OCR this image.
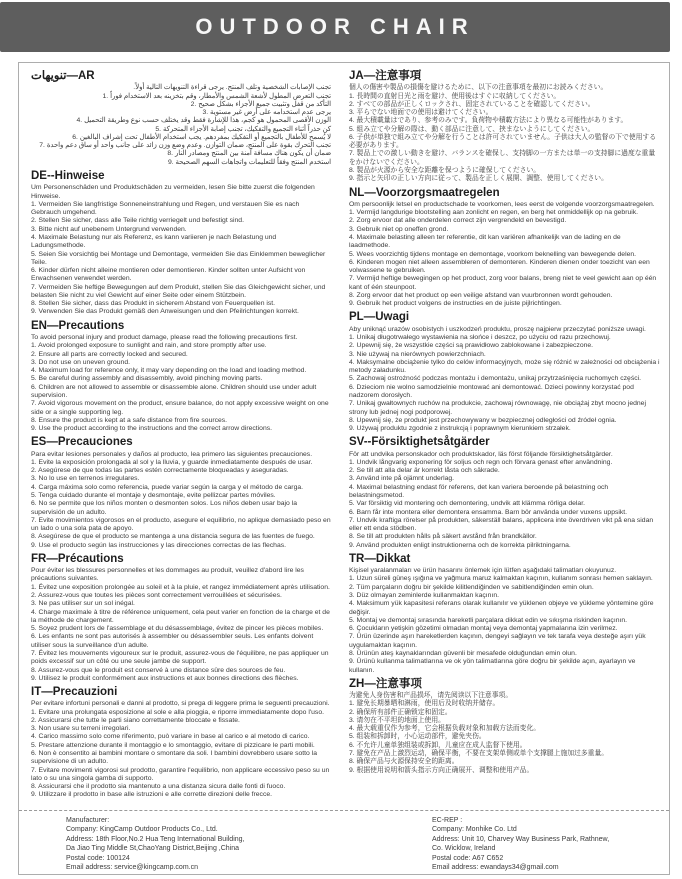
OUTDOOR CHAIR
تنويهات—AR
.تجنب الإصابات الشخصية وتلف المنتج. يرجى قراءة التنويهات التالية أولاً
1. تجنب التعرض المطول لأشعة الشمس والأمطار، وقم بتخزينه بعد الاستخدام فوراً
2. التأكد من قفل وتثبيت جميع الأجزاء بشكل صحيح
3. يرجى عدم استخدامه على أرض غير مستوية
4. الوزن الأقصى المحمول هو كجم، هذا للإشارة فقط وقد يختلف حسب نوع وطريقة التحميل
5. كن حذراً أثناء التجميع والتفكيك، تجنب إصابة الأجزاء المتحركة
6. لا يُسمح للأطفال بالتجميع أو التفكيك بمفردهم. يجب استخدام الأطفال تحت إشراف البالغين
7. تجنب التحرك بقوة على المنتج، ضمان التوازن. وعدم وضع وزن زائد على جانب واحد أو ساق دعم واحدة
8. ضمان أن يكون هناك مسافة آمنة بين المنتج ومصادر النار
9. استخدم المنتج وفقاً للتعليمات واتجاهات السهم الصحيحة
DE--Hinweise
Um Personenschäden und Produktschäden zu vermeiden, lesen Sie bitte zuerst die folgenden Hinweise.
1. Vermeiden Sie langfristige Sonneneinstrahlung und Regen, und verstauen Sie es nach Gebrauch umgehend.
2. Stellen Sie sicher, dass alle Teile richtig verriegelt und befestigt sind.
3. Bitte nicht auf unebenem Untergrund verwenden.
4. Maximale Belastung nur als Referenz, es kann variieren je nach Belastung und Ladungsmethode.
5. Seien Sie vorsichtig bei Montage und Demontage, vermeiden Sie das Einklemmen beweglicher Teile.
6. Kinder dürfen nicht alleine montieren oder demontieren. Kinder sollten unter Aufsicht von Erwachsenen verwendet werden.
7. Vermeiden Sie heftige Bewegungen auf dem Produkt, stellen Sie das Gleichgewicht sicher, und belasten Sie nicht zu viel Gewicht auf einer Seite oder einem Stützbein.
8. Stellen Sie sicher, dass das Produkt in sicherem Abstand von Feuerquellen ist.
9. Verwenden Sie das Produkt gemäß den Anweisungen und den Pfeilrichtungen korrekt.
EN—Precautions
To avoid personal injury and product damage, please read the following precautions first.
1. Avoid prolonged exposure to sunlight and rain, and store promptly after use.
2. Ensure all parts are correctly locked and secured.
3. Do not use on uneven ground.
4. Maximum load for reference only, it may vary depending on the load and loading method.
5. Be careful during assembly and disassembly, avoid pinching moving parts.
6. Children are not allowed to assemble or disassemble alone. Children should use under adult supervision.
7. Avoid vigorous movement on the product, ensure balance, do not apply excessive weight on one side or a single supporting leg.
8. Ensure the product is kept at a safe distance from fire sources.
9. Use the product according to the instructions and the correct arrow directions.
ES—Precauciones
Para evitar lesiones personales y daños al producto, lea primero las siguientes precauciones.
1. Evite la exposición prolongada al sol y la lluvia, y guarde inmediatamente después de usar.
2. Asegúrese de que todas las partes estén correctamente bloqueadas y aseguradas.
3. No lo use en terrenos irregulares.
4. Carga máxima solo como referencia, puede variar según la carga y el método de carga.
5. Tenga cuidado durante el montaje y desmontaje, evite pellizcar partes móviles.
6. No se permite que los niños monten o desmonten solos. Los niños deben usar bajo la supervisión de un adulto.
7. Evite movimientos vigorosos en el producto, asegure el equilibrio, no aplique demasiado peso en un lado o una sola pata de apoyo.
8. Asegúrese de que el producto se mantenga a una distancia segura de las fuentes de fuego.
9. Use el producto según las instrucciones y las direcciones correctas de las flechas.
FR—Précautions
Pour éviter les blessures personnelles et les dommages au produit, veuillez d'abord lire les précautions suivantes.
1. Évitez une exposition prolongée au soleil et à la pluie, et rangez immédiatement après utilisation.
2. Assurez-vous que toutes les pièces sont correctement verrouillées et sécurisées.
3. Ne pas utiliser sur un sol inégal.
4. Charge maximale à titre de référence uniquement, cela peut varier en fonction de la charge et de la méthode de chargement.
5. Soyez prudent lors de l'assemblage et du désassemblage, évitez de pincer les pièces mobiles.
6. Les enfants ne sont pas autorisés à assembler ou désassembler seuls. Les enfants doivent utiliser sous la surveillance d'un adulte.
7. Évitez les mouvements vigoureux sur le produit, assurez-vous de l'équilibre, ne pas appliquer un poids excessif sur un côté ou une seule jambe de support.
8. Assurez-vous que le produit est conservé à une distance sûre des sources de feu.
9. Utilisez le produit conformément aux instructions et aux bonnes directions des flèches.
IT—Precauzioni
Per evitare infortuni personali e danni al prodotto, si prega di leggere prima le seguenti precauzioni.
1. Evitare una prolungata esposizione al sole e alla pioggia, e riporre immediatamente dopo l'uso.
2. Assicurarsi che tutte le parti siano correttamente bloccate e fissate.
3. Non usare su terreni irregolari.
4. Carico massimo solo come riferimento, può variare in base al carico e al metodo di carico.
5. Prestare attenzione durante il montaggio e lo smontaggio, evitare di pizzicare le parti mobili.
6. Non è consentito ai bambini montare o smontare da soli. I bambini dovrebbero usare sotto la supervisione di un adulto.
7. Evitare movimenti vigorosi sul prodotto, garantire l'equilibrio, non applicare eccessivo peso su un lato o su una singola gamba di supporto.
8. Assicurarsi che il prodotto sia mantenuto a una distanza sicura dalle fonti di fuoco.
9. Utilizzare il prodotto in base alle istruzioni e alle corrette direzioni delle frecce.
JA—注意事項
個人の傷害や製品の損傷を避けるために、以下の注意事項を最初にお読みください。
1. 長時間の直射日光と雨を避け、使用後はすぐに収納してください。
2. すべての部品が正しくロックされ、固定されていることを確認してください。
3. 平らでない地面での使用は避けてください。
4. 最大積載量はであり、参考のみです。負荷物や積載方法により異なる可能性があります。
5. 組み立てや分解の際は、動く部品に注意して、挟まないようにしてください。
6. 子供が単独で組み立てや分解を行うことは許可されていません。子供は大人の監督の下で使用する必要があります。
7. 製品上での激しい動きを避け、バランスを確保し、支持脚の一方または単一の支持脚に過度な重量をかけないでください。
8. 製品が火源から安全な距離を保つように確保してください。
9. 指示と矢印の正しい方向に従って、製品を正しく展開、調整、使用してください。
NL—Voorzorgsmaatregelen
Om persoonlijk letsel en productschade te voorkomen, lees eerst de volgende voorzorgsmaatregelen.
1. Vermijd langdurige blootstelling aan zonlicht en regen, en berg het onmiddellijk op na gebruik.
2. Zorg ervoor dat alle onderdelen correct zijn vergrendeld en bevestigd.
3. Gebruik niet op oneffen grond.
4. Maximale belasting alleen ter referentie, dit kan variëren afhankelijk van de lading en de laadmethode.
5. Wees voorzichtig tijdens montage en demontage, voorkom beknelling van bewegende delen.
6. Kinderen mogen niet alleen assembleren of demonteren. Kinderen dienen onder toezicht van een volwassene te gebruiken.
7. Vermijd heftige bewegingen op het product, zorg voor balans, breng niet te veel gewicht aan op één kant of één steunpoot.
8. Zorg ervoor dat het product op een veilige afstand van vuurbronnen wordt gehouden.
9. Gebruik het product volgens de instructies en de juiste pijlrichtingen.
PL—Uwagi
Aby uniknąć urazów osobistych i uszkodzeń produktu, proszę najpierw przeczytać poniższe uwagi.
1. Unikaj długotrwałego wystawienia na słońce i deszcz, po użyciu od razu przechowuj.
2. Upewnij się, że wszystkie części są prawidłowo zablokowane i zabezpieczone.
3. Nie używaj na nierównych powierzchniach.
4. Maksymalne obciążenie tylko do celów informacyjnych, może się różnić w zależności od obciążenia i metody załadunku.
5. Zachowaj ostrożność podczas montażu i demontażu, unikaj przytrzaśnięcia ruchomych części.
6. Dzieciom nie wolno samodzielnie montować ani demontować. Dzieci powinny korzystać pod nadzorem dorosłych.
7. Unikaj gwałtownych ruchów na produkcie, zachowaj równowagę, nie obciążaj zbyt mocno jednej strony lub jednej nogi podporowej.
8. Upewnij się, że produkt jest przechowywany w bezpiecznej odległości od źródeł ognia.
9. Używaj produktu zgodnie z instrukcją i poprawnym kierunkiem strzałek.
SV--Försiktighetsåtgärder
För att undvika personskador och produktskador, läs först följande försiktighetsåtgärder.
1. Undvik långvarig exponering för soljus och regn och förvara genast efter användning.
2. Se till att alla delar är korrekt låsta och säkrade.
3. Använd inte på ojämnt underlag.
4. Maximal belastning endast för referens, det kan variera beroende på belastning och belastningsmetod.
5. Var försiktig vid montering och demontering, undvik att klämma rörliga delar.
6. Barn får inte montera eller demontera ensamma. Barn bör använda under vuxens uppsikt.
7. Undvik kraftiga rörelser på produkten, säkerställ balans, applicera inte överdriven vikt på ena sidan eller ett enda stödben.
8. Se till att produkten hålls på säkert avstånd från brandkällor.
9. Använd produkten enligt instruktionerna och de korrekta pilriktningarna.
TR—Dikkat
Kişisel yaralanmaları ve ürün hasarını önlemek için lütfen aşağıdaki talimatları okuyunuz.
1. Uzun süreli güneş ışığına ve yağmura maruz kalmaktan kaçının, kullanım sonrası hemen saklayın.
2. Tüm parçaların doğru bir şekilde kilitlendiğinden ve sabitlendiğinden emin olun.
3. Düz olmayan zeminlerde kullanmaktan kaçının.
4. Maksimum yük kapasitesi referans olarak kullanılır ve yüklenen objeye ve yükleme yöntemine göre değişir.
5. Montaj ve demontaj sırasında hareketli parçalara dikkat edin ve sıkışma riskinden kaçının.
6. Çocukların yetişkin gözetimi olmadan montaj veya demontaj yapmalarına izin verilmez.
7. Ürün üzerinde aşırı hareketlerden kaçının, dengeyi sağlayın ve tek tarafa veya desteğe aşırı yük uygulamaktan kaçının.
8. Ürünün ateş kaynaklarından güvenli bir mesafede olduğundan emin olun.
9. Ürünü kullanma talimatlarına ve ok yön talimatlarına göre doğru bir şekilde açın, ayarlayın ve kullanın.
ZH—注意事项
为避免人身伤害和产品损坏，请先阅读以下注意事项。
1. 避免长期暴晒和淋雨，使用后及时收纳并储存。
2. 确保所有部件正确锁定和固定。
3. 请勿在不平坦的地面上使用。
4. 最大载重仅作为参考，它会根据负载对象和加载方法而变化。
5. 组装和拆卸时，小心运动部件，避免夹伤。
6. 不允许儿童单独组装或拆卸，儿童应在成人监督下使用。
7. 避免在产品上激烈运动，确保平衡，不要在支架单侧或单个支撑腿上施加过多重量。
8. 确保产品与火源保持安全的距离。
9. 根据使用说明和箭头指示方向正确展开、调整和使用产品。
Manufacturer:
Company: KingCamp Outdoor Products Co., Ltd.
Address: 18th Floor,No.2 Hua Teng International Building,
Da Jiao Ting Middle St,ChaoYang District,Beijing ,China
Postal code: 100124
Email address: service@kingcamp.com.cn
EC-REP :
Company: Monhike Co. Ltd
Address: Unit 10, Charvey Way Business Park, Rathnew,
Co. Wicklow, Ireland
Postal code: A67 C652
Email address: ewandays34@gmail.com
